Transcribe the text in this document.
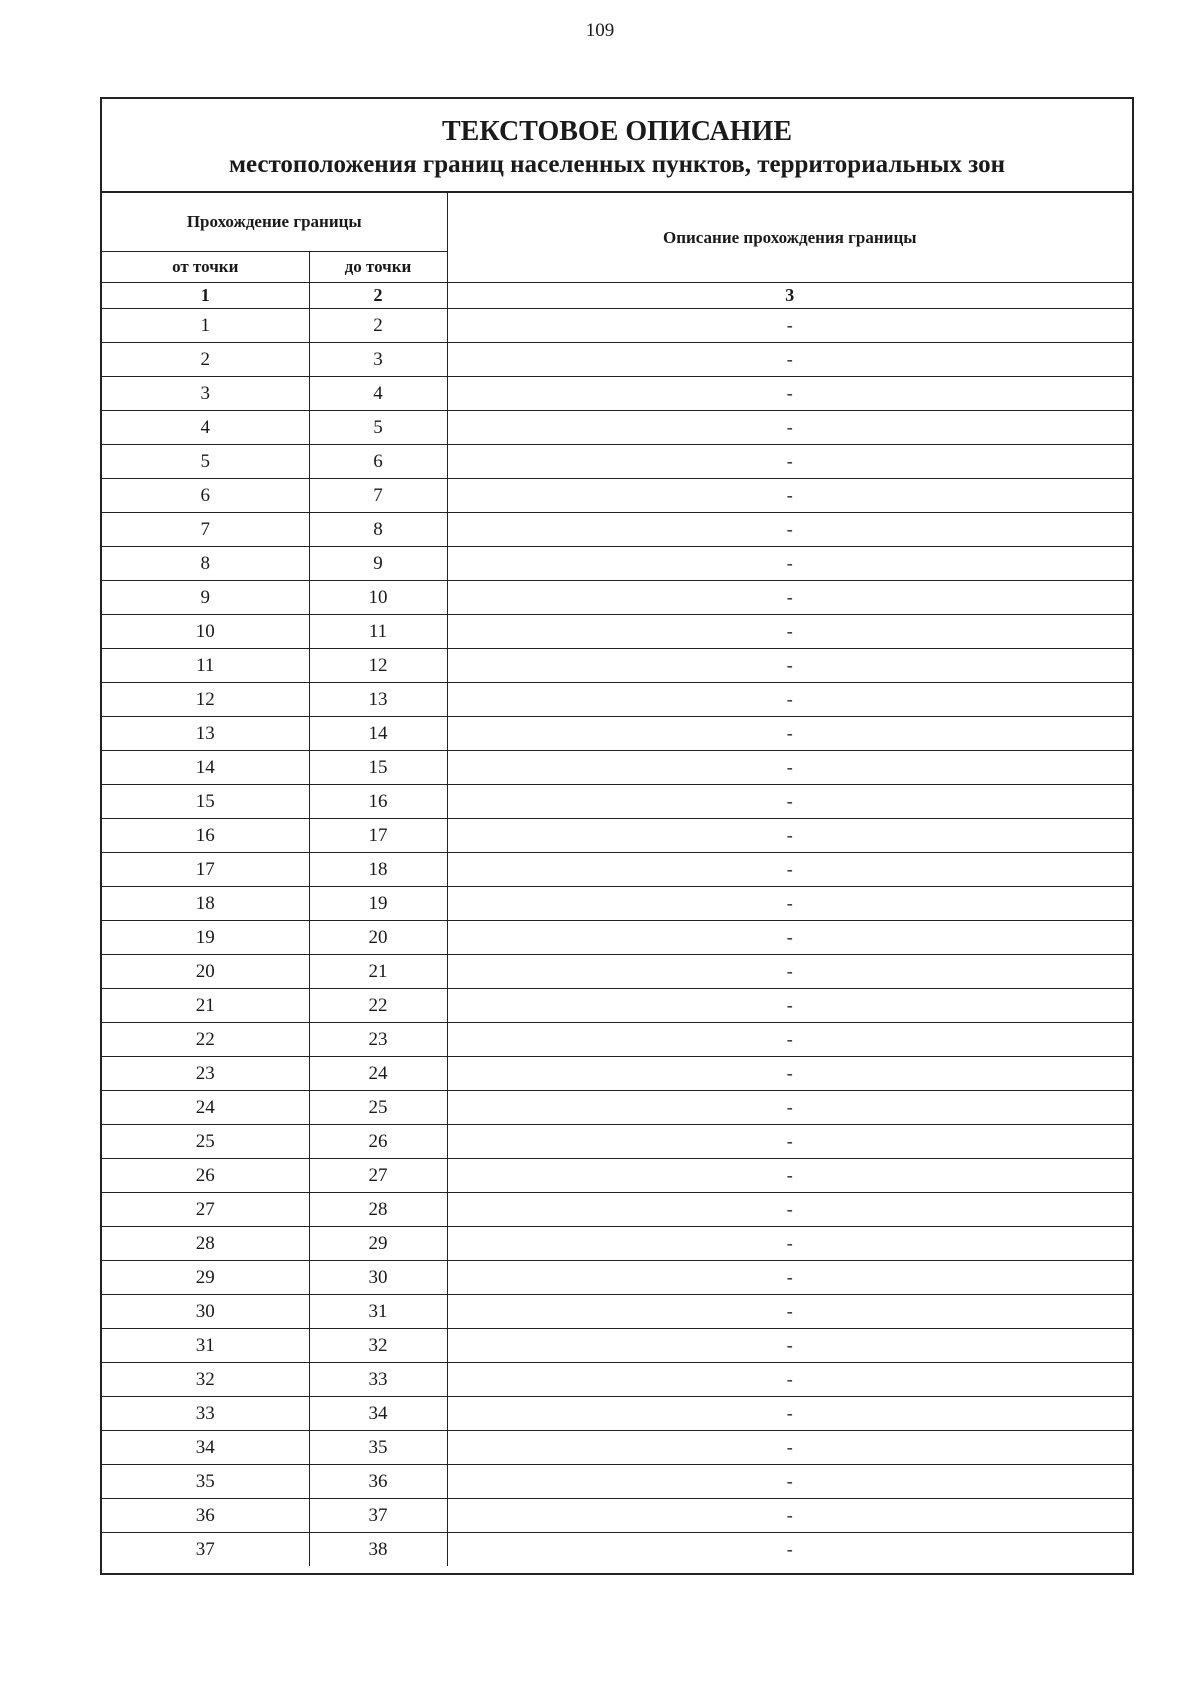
109
ТЕКСТОВОЕ ОПИСАНИЕ
местоположения границ населенных пунктов, территориальных зон
Прохождение границы		Описание прохождения границы
от точки	до точки	
1	2	3
1	2	-
2	3	-
3	4	-
4	5	-
5	6	-
6	7	-
7	8	-
8	9	-
9	10	-
10	11	-
11	12	-
12	13	-
13	14	-
14	15	-
15	16	-
16	17	-
17	18	-
18	19	-
19	20	-
20	21	-
21	22	-
22	23	-
23	24	-
24	25	-
25	26	-
26	27	-
27	28	-
28	29	-
29	30	-
30	31	-
31	32	-
32	33	-
33	34	-
34	35	-
35	36	-
36	37	-
37	38	-
